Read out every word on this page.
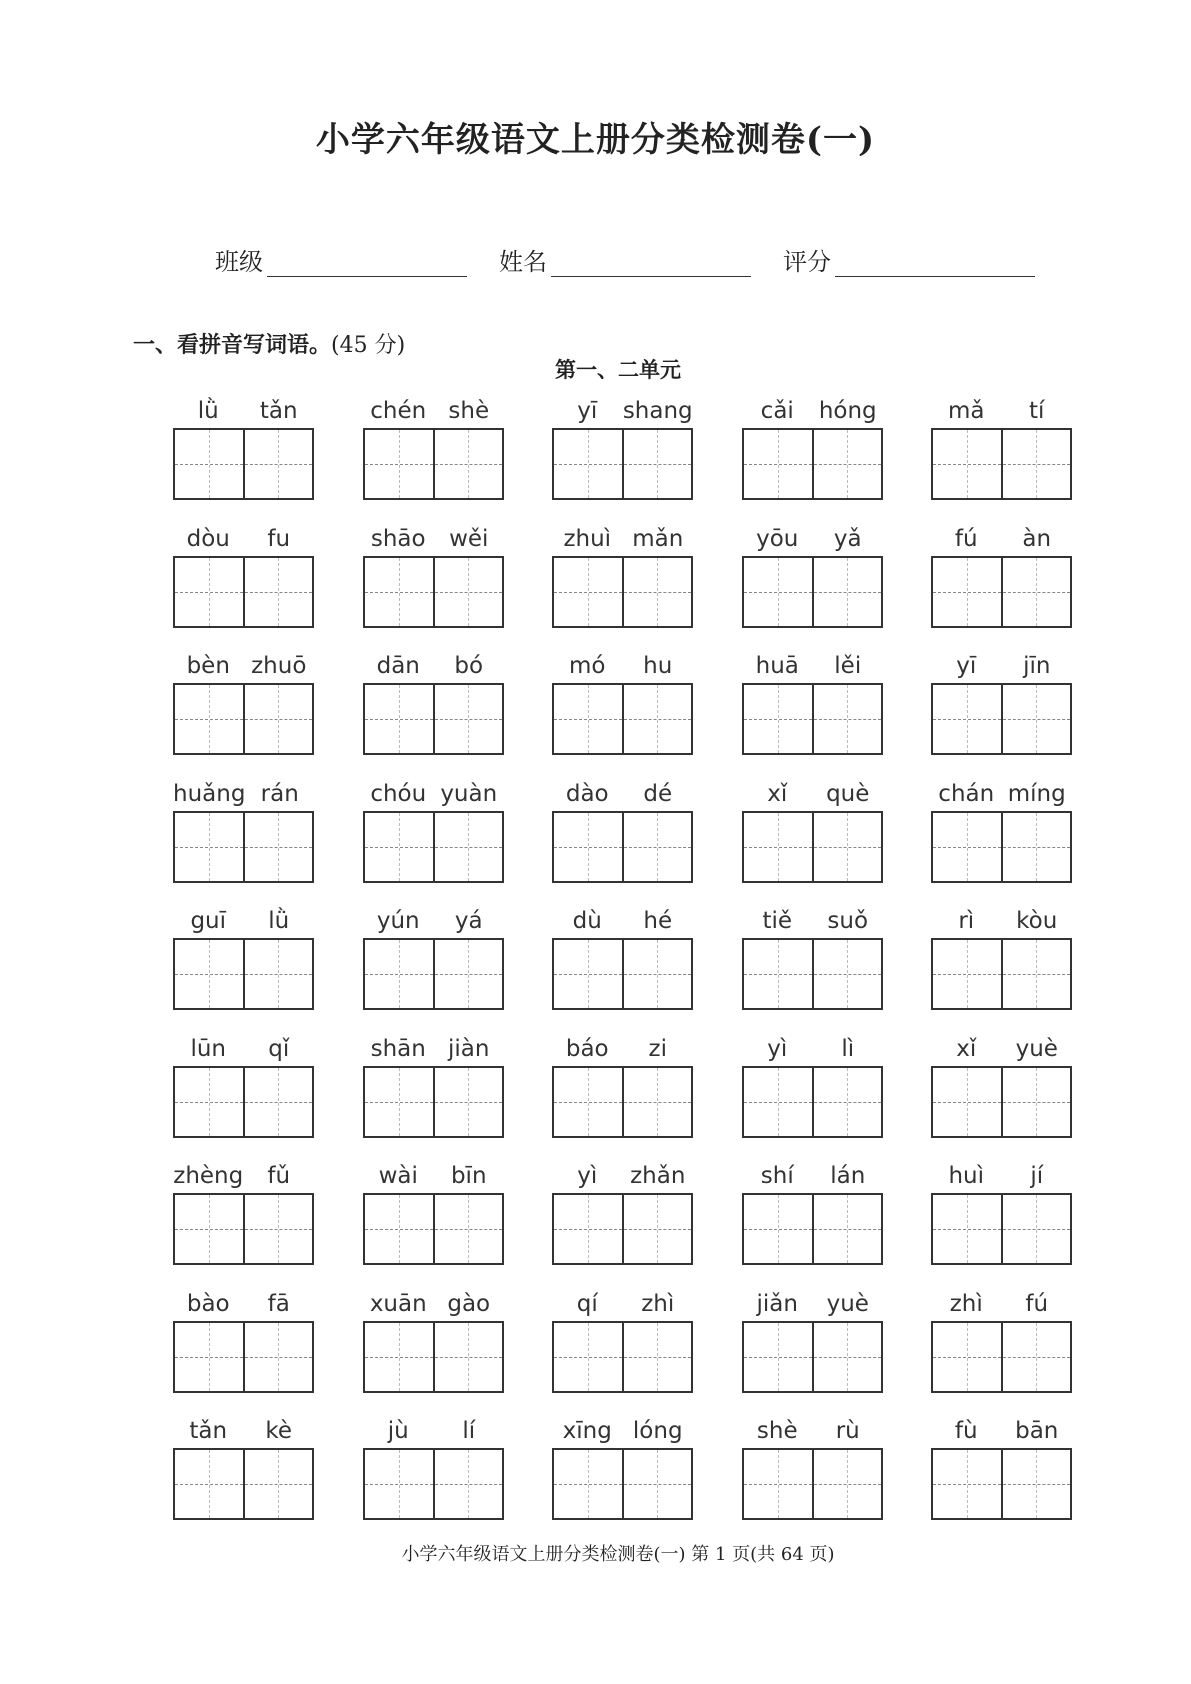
小学六年级语文上册分类检测卷(一)
班级	姓名	评分
一、看拼音写词语。(45 分)
第一、二单元
lǜ	tǎn	chén shè	yī	shang	cǎi	hóng	mǎ	tí
dòu	fu	shāo	wěi	zhuì mǎn	yōu	yǎ	fú	àn
bèn zhuō	dān	bó	mó	hu	huā	lěi	yī	jīn
huǎng rán	chóu yuàn	dào	dé	xǐ	què	chán míng
guī	lǜ	yún	yá	dù	hé	tiě	suǒ	rì	kòu
lūn	qǐ	shān jiàn	báo	zi	yì	lì	xǐ	yuè
zhèng	fǔ	wài	bīn	yì	zhǎn	shí	lán	huì	jí
bào	fā	xuān gào	qí	zhì	jiǎn	yuè	zhì	fú
tǎn	kè	jù	lí	xīng lóng	shè	rù	fù	bān
小学六年级语文上册分类检测卷(一) 第 1 页(共 64 页)
